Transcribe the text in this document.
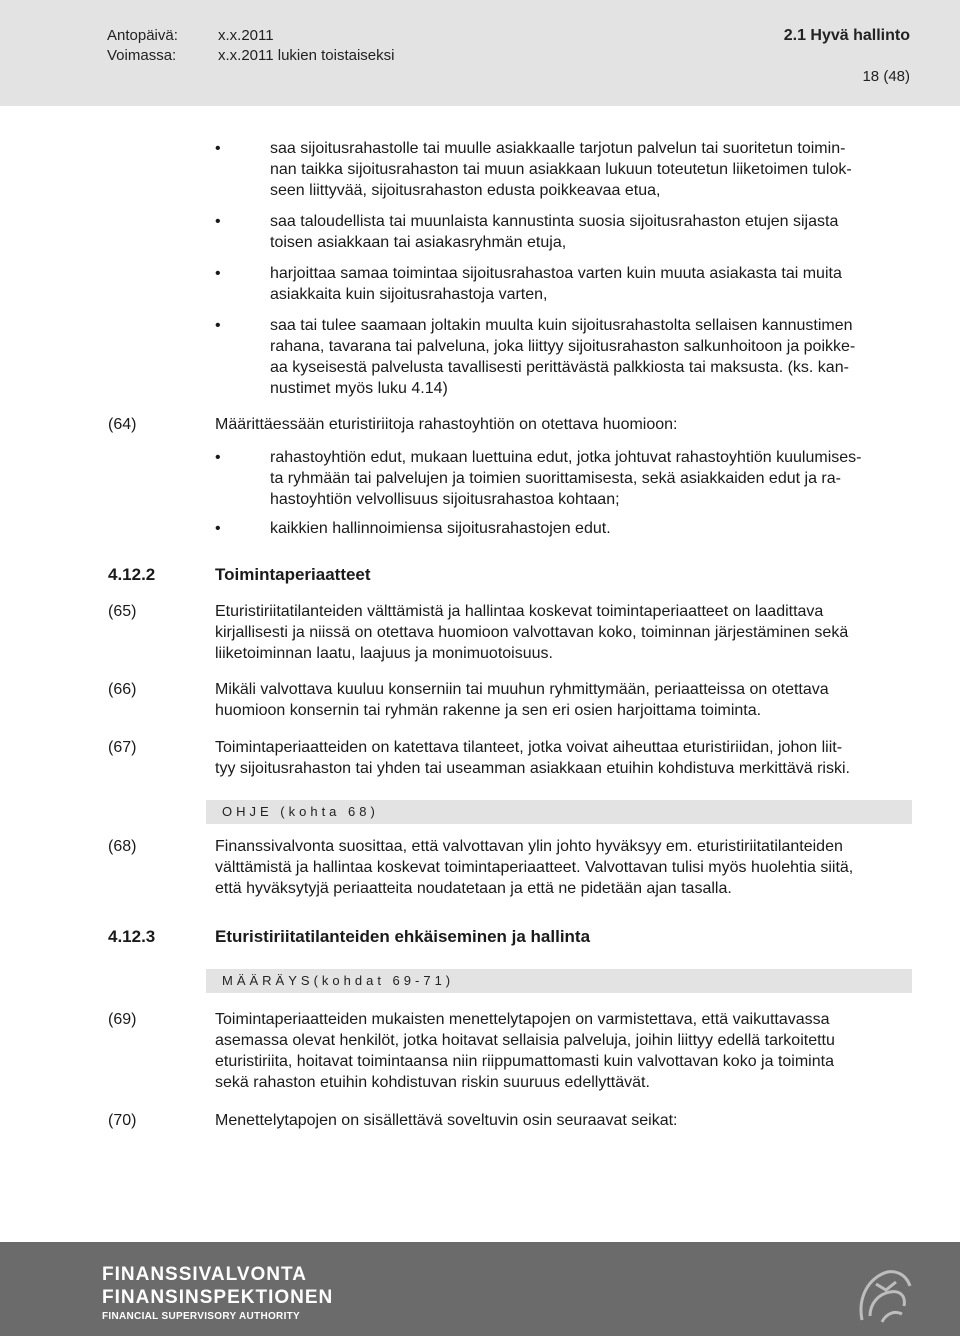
Antopäivä:	x.x.2011
Voimassa:	x.x.2011 lukien toistaiseksi
2.1 Hyvä hallinto
18 (48)
•	saa sijoitusrahastolle tai muulle asiakkaalle tarjotun palvelun tai suoritetun toimin-
nan taikka sijoitusrahaston tai muun asiakkaan lukuun toteutetun liiketoimen tulok-
seen liittyvää, sijoitusrahaston edusta poikkeavaa etua,
•	saa taloudellista tai muunlaista kannustinta suosia sijoitusrahaston etujen sijasta
toisen asiakkaan tai asiakasryhmän etuja,
•	harjoittaa samaa toimintaa sijoitusrahastoa varten kuin muuta asiakasta tai muita
asiakkaita kuin sijoitusrahastoja varten,
•	saa tai tulee saamaan joltakin muulta kuin sijoitusrahastolta sellaisen kannustimen
rahana, tavarana tai palveluna, joka liittyy sijoitusrahaston salkunhoitoon ja poikke-
aa kyseisestä palvelusta tavallisesti perittävästä palkkiosta tai maksusta. (ks. kan-
nustimet myös luku 4.14)
(64)	Määrittäessään eturistiriitoja rahastoyhtiön on otettava huomioon:
•	rahastoyhtiön edut, mukaan luettuina edut, jotka johtuvat rahastoyhtiön kuulumises-
ta ryhmään tai palvelujen ja toimien suorittamisesta, sekä asiakkaiden edut ja ra-
hastoyhtiön velvollisuus sijoitusrahastoa kohtaan;
•	kaikkien hallinnoimiensa sijoitusrahastojen edut.
4.12.2	Toimintaperiaatteet
(65)	Eturistiriitatilanteiden välttämistä ja hallintaa koskevat toimintaperiaatteet on laadittava
kirjallisesti ja niissä on otettava huomioon valvottavan koko, toiminnan järjestäminen sekä
liiketoiminnan laatu, laajuus ja monimuotoisuus.
(66)	Mikäli valvottava kuuluu konserniin tai muuhun ryhmittymään, periaatteissa on otettava
huomioon konsernin tai ryhmän rakenne ja sen eri osien harjoittama toiminta.
(67)	Toimintaperiaatteiden on katettava tilanteet, jotka voivat aiheuttaa eturistiriidan, johon liit-
tyy sijoitusrahaston tai yhden tai useamman asiakkaan etuihin kohdistuva merkittävä riski.
OHJE (kohta 68)
(68)	Finanssivalvonta suosittaa, että valvottavan ylin johto hyväksyy em. eturistiriitatilanteiden
välttämistä ja hallintaa koskevat toimintaperiaatteet. Valvottavan tulisi myös huolehtia siitä,
että hyväksytyjä periaatteita noudatetaan ja että ne pidetään ajan tasalla.
4.12.3	Eturistiriitatilanteiden ehkäiseminen ja hallinta
MÄÄRÄYS(kohdat 69-71)
(69)	Toimintaperiaatteiden mukaisten menettelytapojen on varmistettava, että vaikuttavassa
asemassa olevat henkilöt, jotka hoitavat sellaisia palveluja, joihin liittyy edellä tarkoitettu
eturistiriita, hoitavat toimintaansa niin riippumattomasti kuin valvottavan koko ja toiminta
sekä rahaston etuihin kohdistuvan riskin suuruus edellyttävät.
(70)	Menettelytapojen on sisällettävä soveltuvin osin seuraavat seikat:
FINANSSIVALVONTA
FINANSINSPEKTIONEN
FINANCIAL SUPERVISORY AUTHORITY
